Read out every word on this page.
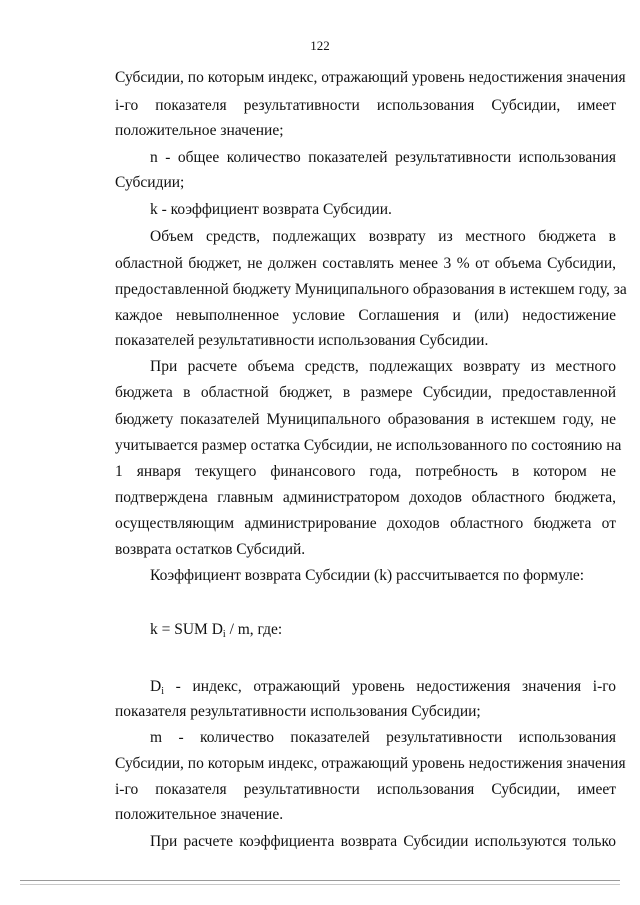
122
Субсидии, по которым индекс, отражающий уровень недостижения значения
i-го показателя результативности использования Субсидии, имеет
положительное значение;
n - общее количество показателей результативности использования
Субсидии;
k - коэффициент возврата Субсидии.
Объем средств, подлежащих возврату из местного бюджета в
областной бюджет, не должен составлять менее 3 % от объема Субсидии,
предоставленной бюджету Муниципального образования в истекшем году, за
каждое невыполненное условие Соглашения и (или) недостижение
показателей результативности использования Субсидии.
При расчете объема средств, подлежащих возврату из местного
бюджета в областной бюджет, в размере Субсидии, предоставленной
бюджету показателей Муниципального образования в истекшем году, не
учитывается размер остатка Субсидии, не использованного по состоянию на
1 января текущего финансового года, потребность в котором не
подтверждена главным администратором доходов областного бюджета,
осуществляющим администрирование доходов областного бюджета от
возврата остатков Субсидий.
Коэффициент возврата Субсидии (k) рассчитывается по формуле:
k = SUM Di / m, где:
Di - индекс, отражающий уровень недостижения значения i-го
показателя результативности использования Субсидии;
m - количество показателей результативности использования
Субсидии, по которым индекс, отражающий уровень недостижения значения
i-го показателя результативности использования Субсидии, имеет
положительное значение.
При расчете коэффициента возврата Субсидии используются только
